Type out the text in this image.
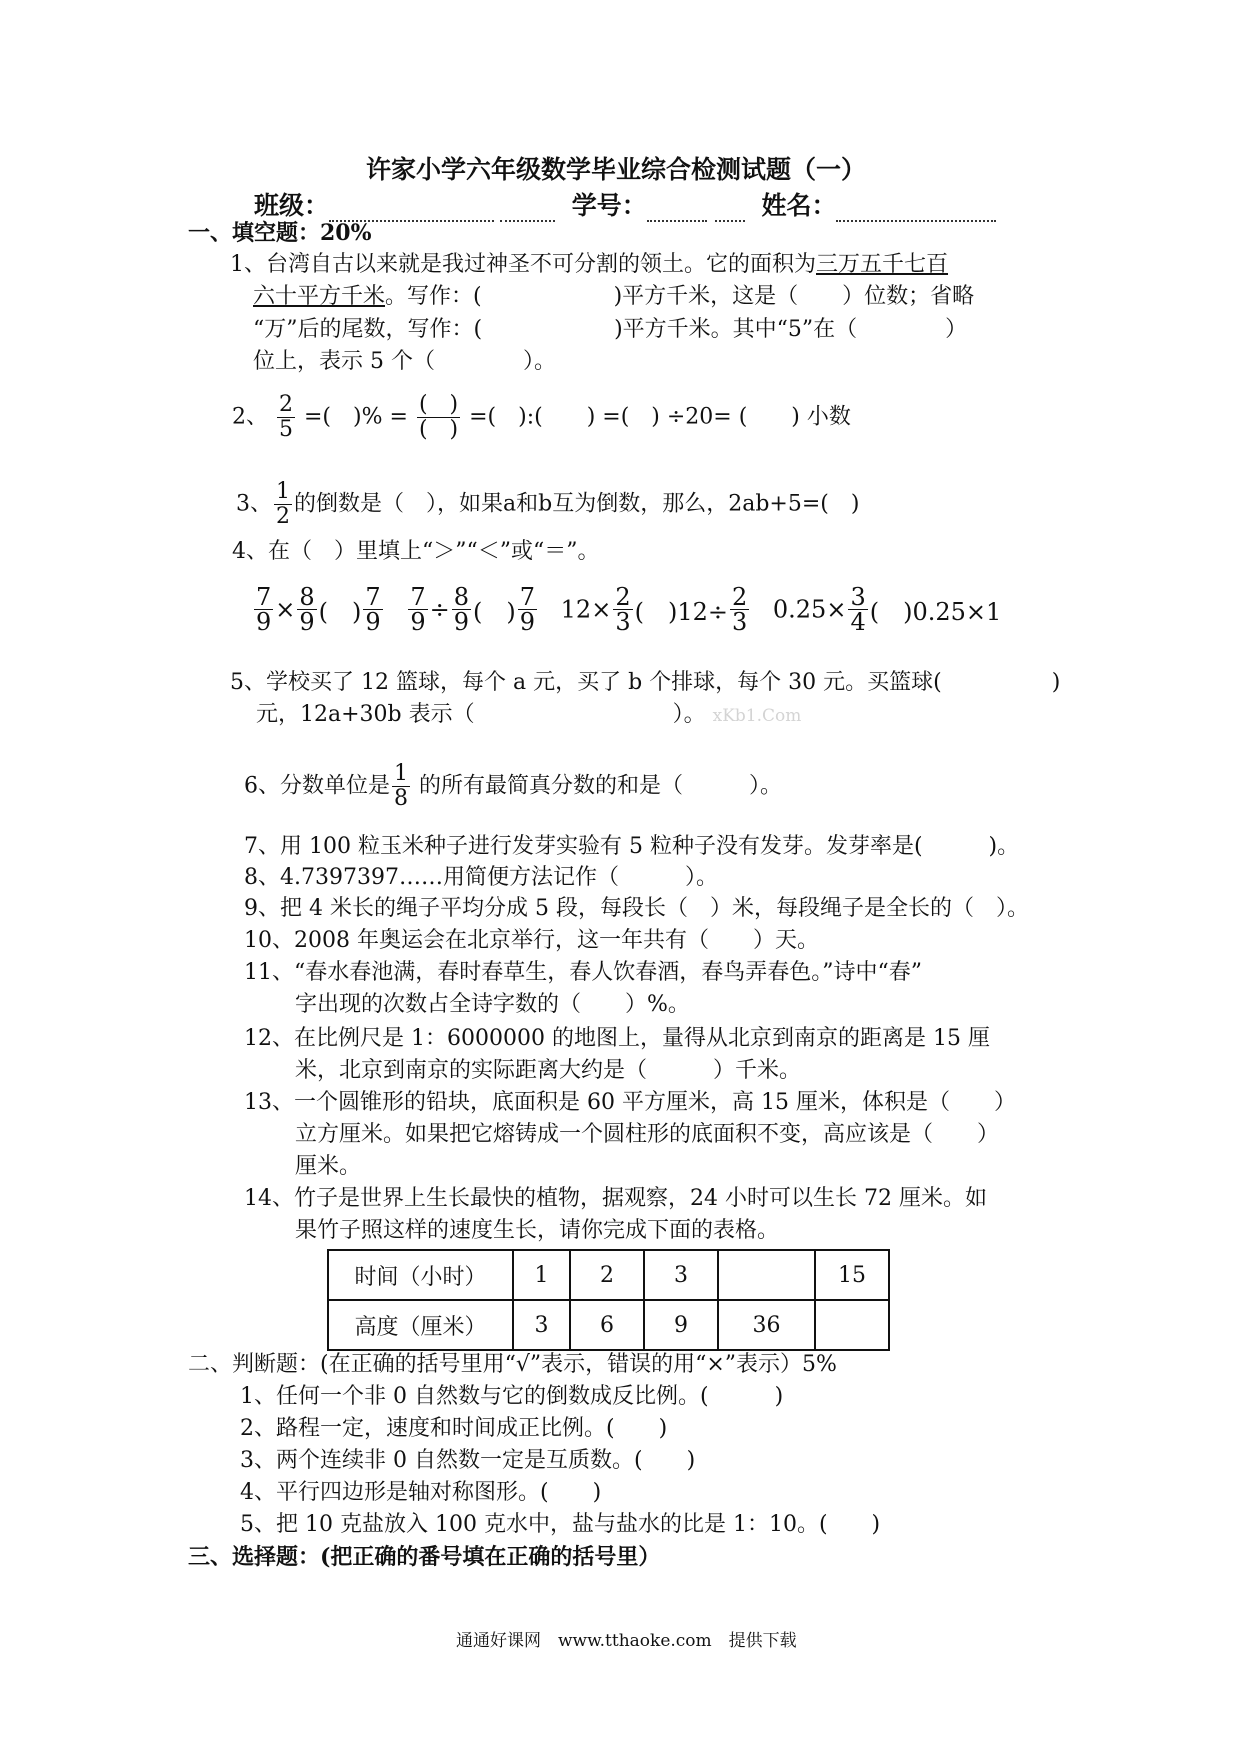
许家小学六年级数学毕业综合检测试题（一）
班级：	学号：	姓名：
一、填空题：20%
1、台湾自古以来就是我过神圣不可分割的领土。它的面积为三万五千七百
六十平方千米。写作：(　　　　　　)平方千米，这是（　　）位数；省略
“万”后的尾数，写作：(　　　　　　)平方千米。其中“5”在（　　　　）
位上，表示 5 个（　　　　）。
2、 $\frac{2}{5}$ =(　)% = $\frac{( )}{( )}$ =(　):(　　) =(　) ÷20= (　　) 小数
3、 $\frac{1}{2}$ 的倒数是（　），如果a和b互为倒数，那么，2ab+5=(　)
4、在（　）里填上“＞”“＜”或“＝”。
$\frac{7}{9} \times \frac{8}{9}$ (　) $\frac{7}{9}$
$\frac{7}{9} \div \frac{8}{9}$ (　) $\frac{7}{9} 12\times \frac{2}{3}$ (　)$12\div \frac{2}{3} 0.25\times \frac{3}{4}$ (　)0.25×1
5、学校买了 12 篮球，每个 a 元，买了 b 个排球，每个 30 元。买篮球(　　　　　)
元，12a+30b 表示（　　　　　　　　　）。 xKb1.Com
6、分数单位是 $\frac{1}{8}$ 的所有最简真分数的和是（　　　）。
7、用 100 粒玉米种子进行发芽实验有 5 粒种子没有发芽。发芽率是(　　　)。
8、4.7397397……用简便方法记作（　　　）。
9、把 4 米长的绳子平均分成 5 段，每段长（　）米，每段绳子是全长的（　）。
10、2008 年奥运会在北京举行，这一年共有（　　）天。
11、“春水春池满，春时春草生，春人饮春酒，春鸟弄春色。”诗中“春”
字出现的次数占全诗字数的（　　）%。
12、在比例尺是 1：6000000 的地图上，量得从北京到南京的距离是 15 厘
米，北京到南京的实际距离大约是（　　　）千米。
13、一个圆锥形的铅块，底面积是 60 平方厘米，高 15 厘米，体积是（　　）
立方厘米。如果把它熔铸成一个圆柱形的底面积不变，高应该是（　　）
厘米。
14、竹子是世界上生长最快的植物，据观察，24 小时可以生长 72 厘米。如
果竹子照这样的速度生长，请你完成下面的表格。
时间（小时）	1	2	3		15
高度（厘米）	3	6	9	36	
二、判断题：(在正确的括号里用“√”表示，错误的用“×”表示）5%
1、任何一个非 0 自然数与它的倒数成反比例。(　　　)
2、路程一定，速度和时间成正比例。(　　)
3、两个连续非 0 自然数一定是互质数。(　　)
4、平行四边形是轴对称图形。(　　)
5、把 10 克盐放入 100 克水中，盐与盐水的比是 1：10。(　　)
三、选择题：(把正确的番号填在正确的括号里）
通通好课网　www.tthaoke.com　提供下载
